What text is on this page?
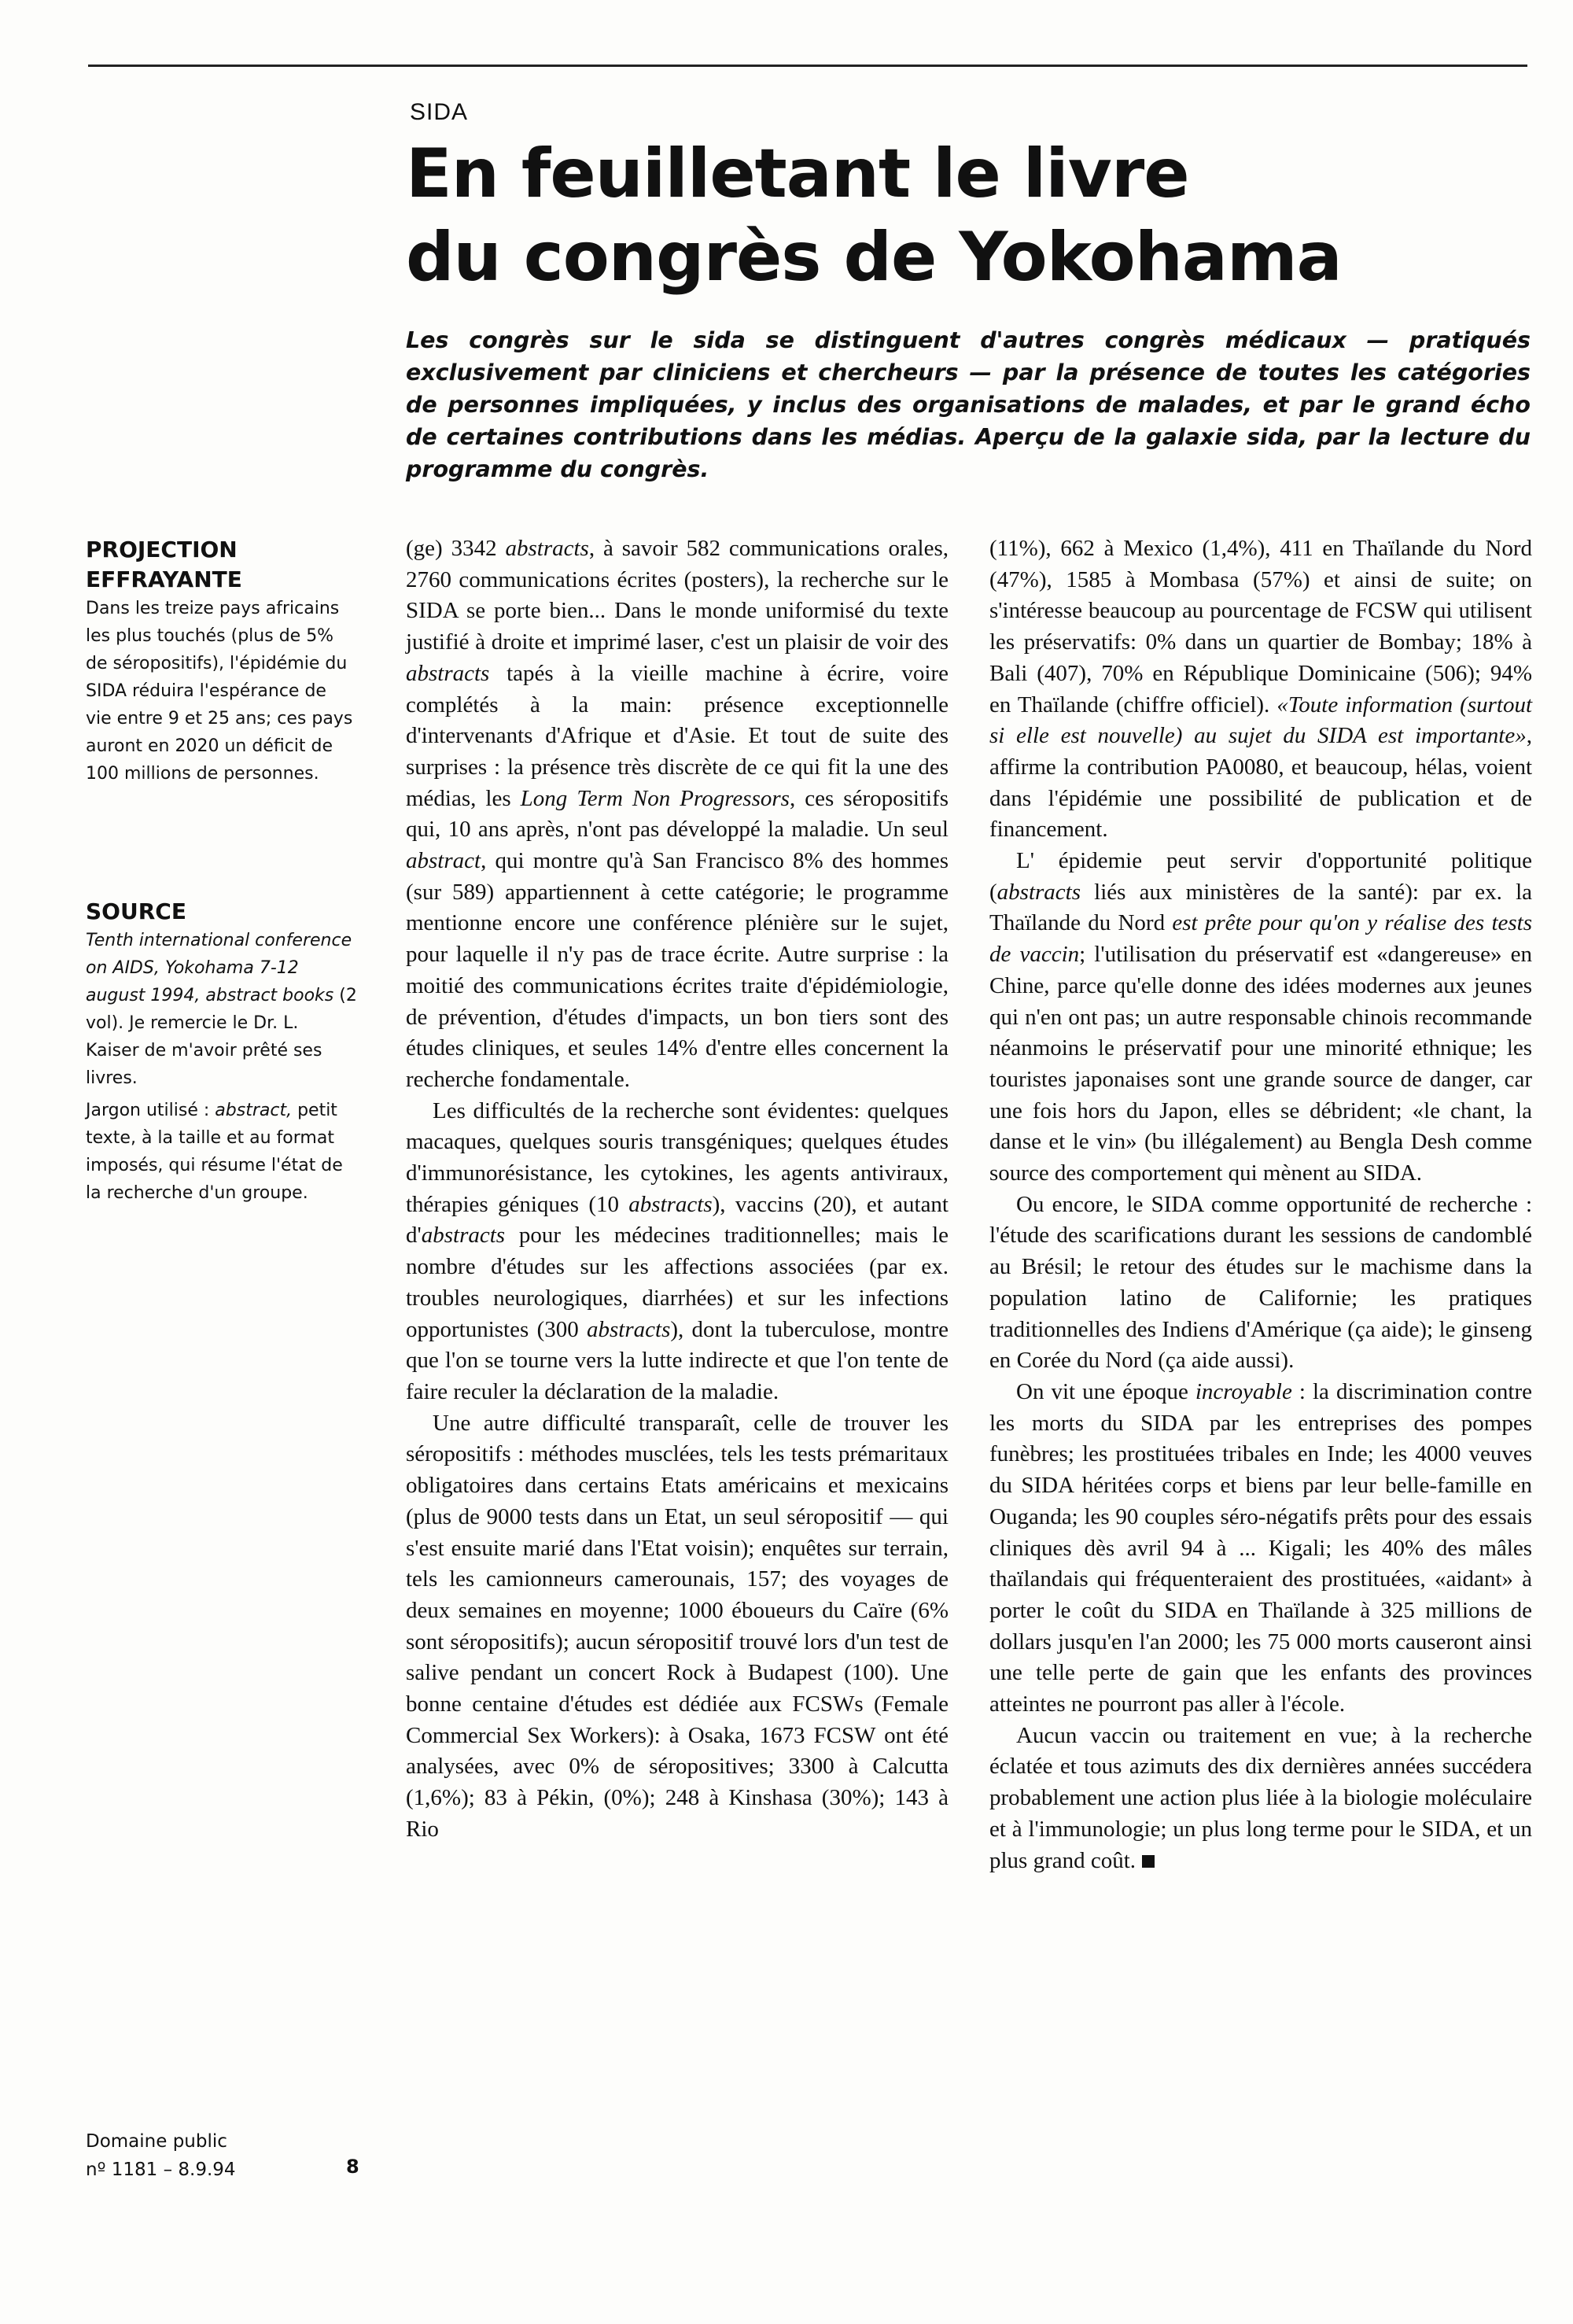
SIDA
En feuilletant le livre
du congrès de Yokohama

Les congrès sur le sida se distinguent d'autres congrès médicaux — pratiqués exclusivement par cliniciens et chercheurs — par la présence de toutes les catégories de personnes impliquées, y inclus des organisations de malades, et par le grand écho de certaines contributions dans les médias. Aperçu de la galaxie sida, par la lecture du programme du congrès.

PROJECTION EFFRAYANTE

Dans les treize pays africains les plus touchés (plus de 5% de séropositifs), l'épidémie du SIDA réduira l'espérance de vie entre 9 et 25 ans; ces pays auront en 2020 un déficit de 100 millions de personnes.

SOURCE

Tenth international conference on AIDS, Yokohama 7-12 august 1994, abstract books (2 vol). Je remercie le Dr. L. Kaiser de m'avoir prêté ses livres.

Jargon utilisé : abstract, petit texte, à la taille et au format imposés, qui résume l'état de la recherche d'un groupe.

Domaine public
nº 1181 – 8.9.94	8

(ge) 3342 abstracts, à savoir 582 communications orales, 2760 communications écrites (posters), la recherche sur le SIDA se porte bien... Dans le monde uniformisé du texte justifié à droite et imprimé laser, c'est un plaisir de voir des abstracts tapés à la vieille machine à écrire, voire complétés à la main: présence exceptionnelle d'intervenants d'Afrique et d'Asie. Et tout de suite des surprises : la présence très discrète de ce qui fit la une des médias, les Long Term Non Progressors, ces séropositifs qui, 10 ans après, n'ont pas développé la maladie. Un seul abstract, qui montre qu'à San Francisco 8% des hommes (sur 589) appartiennent à cette catégorie; le programme mentionne encore une conférence plénière sur le sujet, pour laquelle il n'y pas de trace écrite. Autre surprise : la moitié des communications écrites traite d'épidémiologie, de prévention, d'études d'impacts, un bon tiers sont des études cliniques, et seules 14% d'entre elles concernent la recherche fondamentale.

Les difficultés de la recherche sont évidentes: quelques macaques, quelques souris transgéniques; quelques études d'immunorésistance, les cytokines, les agents antiviraux, thérapies géniques (10 abstracts), vaccins (20), et autant d'abstracts pour les médecines traditionnelles; mais le nombre d'études sur les affections associées (par ex. troubles neurologiques, diarrhées) et sur les infections opportunistes (300 abstracts), dont la tuberculose, montre que l'on se tourne vers la lutte indirecte et que l'on tente de faire reculer la déclaration de la maladie.

Une autre difficulté transparaît, celle de trouver les séropositifs : méthodes musclées, tels les tests prémaritaux obligatoires dans certains Etats américains et mexicains (plus de 9000 tests dans un Etat, un seul séropositif — qui s'est ensuite marié dans l'Etat voisin); enquêtes sur terrain, tels les camionneurs camerounais, 157; des voyages de deux semaines en moyenne; 1000 éboueurs du Caïre (6% sont séropositifs); aucun séropositif trouvé lors d'un test de salive pendant un concert Rock à Budapest (100). Une bonne centaine d'études est dédiée aux FCSWs (Female Commercial Sex Workers): à Osaka, 1673 FCSW ont été analysées, avec 0% de séropositives; 3300 à Calcutta (1,6%); 83 à Pékin, (0%); 248 à Kinshasa (30%); 143 à Rio

(11%), 662 à Mexico (1,4%), 411 en Thaïlande du Nord (47%), 1585 à Mombasa (57%) et ainsi de suite; on s'intéresse beaucoup au pourcentage de FCSW qui utilisent les préservatifs: 0% dans un quartier de Bombay; 18% à Bali (407), 70% en République Dominicaine (506); 94% en Thaïlande (chiffre officiel). «Toute information (surtout si elle est nouvelle) au sujet du SIDA est importante», affirme la contribution PA0080, et beaucoup, hélas, voient dans l'épidémie une possibilité de publication et de financement.

L' épidemie peut servir d'opportunité politique (abstracts liés aux ministères de la santé): par ex. la Thaïlande du Nord est prête pour qu'on y réalise des tests de vaccin; l'utilisation du préservatif est «dangereuse» en Chine, parce qu'elle donne des idées modernes aux jeunes qui n'en ont pas; un autre responsable chinois recommande néanmoins le préservatif pour une minorité ethnique; les touristes japonaises sont une grande source de danger, car une fois hors du Japon, elles se débrident; «le chant, la danse et le vin» (bu illégalement) au Bengla Desh comme source des comportement qui mènent au SIDA.

Ou encore, le SIDA comme opportunité de recherche : l'étude des scarifications durant les sessions de candomblé au Brésil; le retour des études sur le machisme dans la population latino de Californie; les pratiques traditionnelles des Indiens d'Amérique (ça aide); le ginseng en Corée du Nord (ça aide aussi).

On vit une époque incroyable : la discrimination contre les morts du SIDA par les entreprises des pompes funèbres; les prostituées tribales en Inde; les 4000 veuves du SIDA héritées corps et biens par leur belle-famille en Ouganda; les 90 couples séro-négatifs prêts pour des essais cliniques dès avril 94 à ... Kigali; les 40% des mâles thaïlandais qui fréquenteraient des prostituées, «aidant» à porter le coût du SIDA en Thaïlande à 325 millions de dollars jusqu'en l'an 2000; les 75 000 morts causeront ainsi une telle perte de gain que les enfants des provinces atteintes ne pourront pas aller à l'école.

Aucun vaccin ou traitement en vue; à la recherche éclatée et tous azimuts des dix dernières années succédera probablement une action plus liée à la biologie moléculaire et à l'immunologie; un plus long terme pour le SIDA, et un plus grand coût.
